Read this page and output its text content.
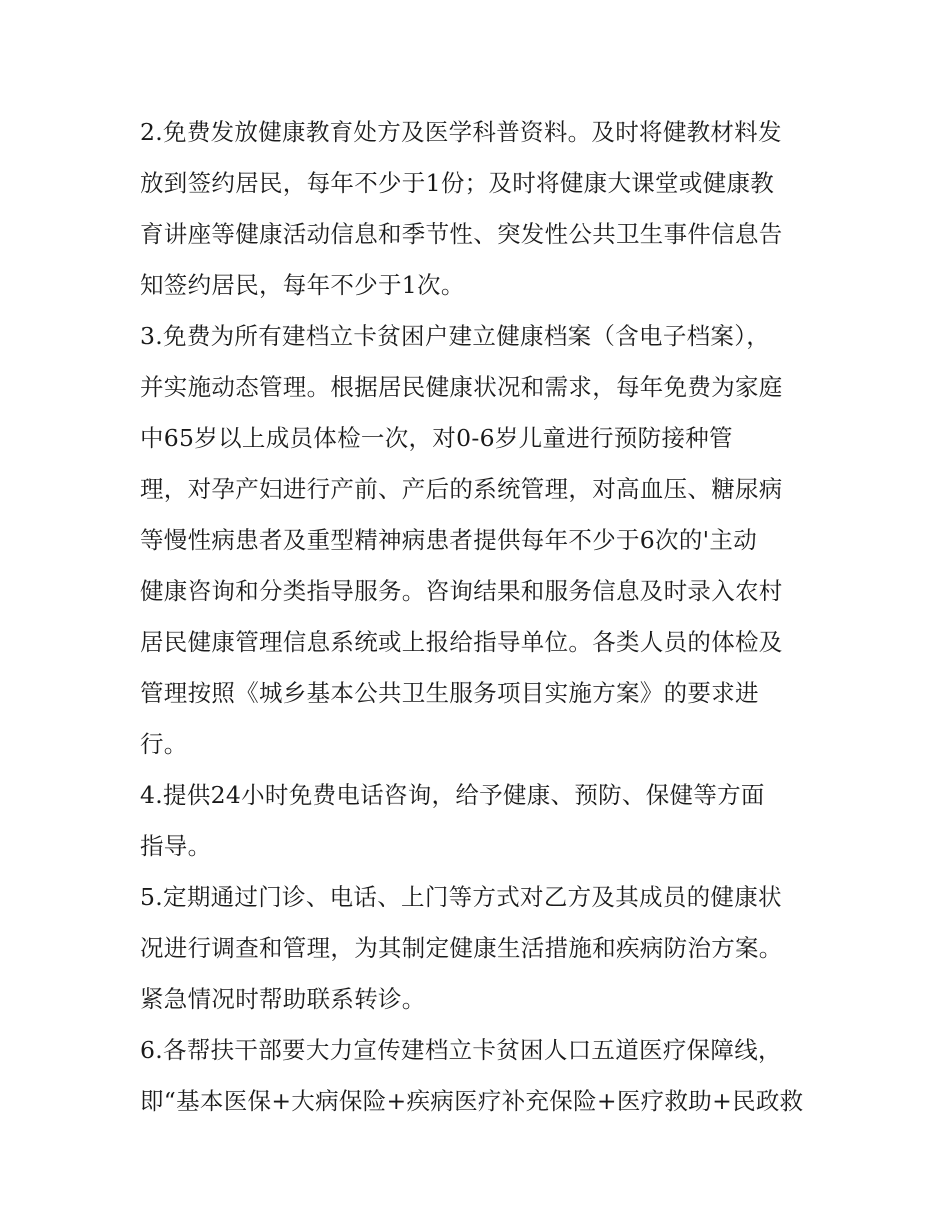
2.免费发放健康教育处方及医学科普资料。及时将健教材料发
放到签约居民，每年不少于1份；及时将健康大课堂或健康教
育讲座等健康活动信息和季节性、突发性公共卫生事件信息告
知签约居民，每年不少于1次。
3.免费为所有建档立卡贫困户建立健康档案（含电子档案），
并实施动态管理。根据居民健康状况和需求，每年免费为家庭
中65岁以上成员体检一次，对0-6岁儿童进行预防接种管
理，对孕产妇进行产前、产后的系统管理，对高血压、糖尿病
等慢性病患者及重型精神病患者提供每年不少于6次的'主动
健康咨询和分类指导服务。咨询结果和服务信息及时录入农村
居民健康管理信息系统或上报给指导单位。各类人员的体检及
管理按照《城乡基本公共卫生服务项目实施方案》的要求进
行。
4.提供24小时免费电话咨询，给予健康、预防、保健等方面
指导。
5.定期通过门诊、电话、上门等方式对乙方及其成员的健康状
况进行调查和管理，为其制定健康生活措施和疾病防治方案。
紧急情况时帮助联系转诊。
6.各帮扶干部要大力宣传建档立卡贫困人口五道医疗保障线，
即“基本医保+大病保险+疾病医疗补充保险+医疗救助+民政救
